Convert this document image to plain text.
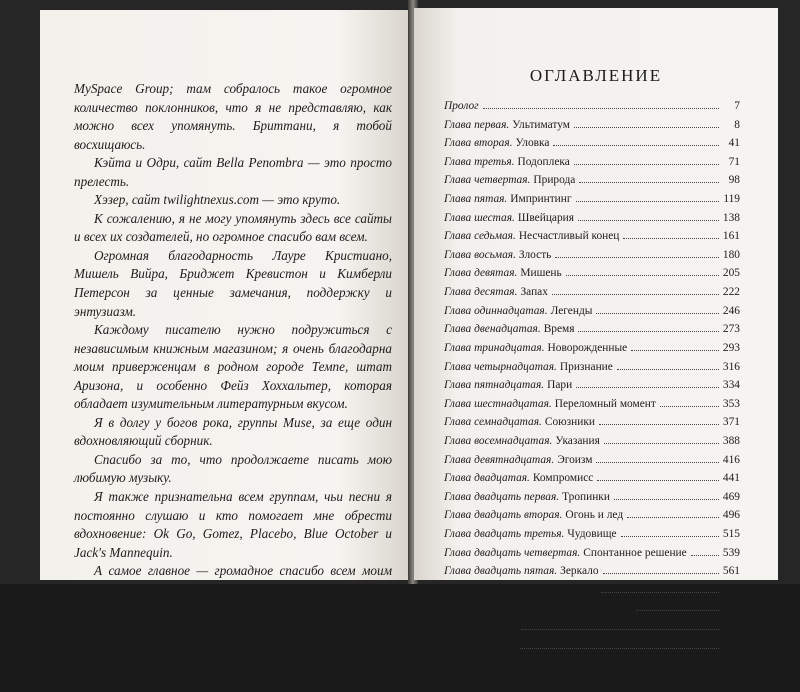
MySpace Group; там собралось такое огромное количество поклонников, что я не представляю, как можно всех упомянуть. Бриттани, я тобой восхищаюсь.

Кэйта и Одри, сайт Bella Penombra — это просто прелесть.

Хэзер, сайт twilightnexus.com — это круто.

К сожалению, я не могу упомянуть здесь все сайты и всех их создателей, но огромное спасибо вам всем.

Огромная благодарность Лауре Кристиано, Мишель Вийра, Бриджет Кревистон и Кимберли Петерсон за ценные замечания, поддержку и энтузиазм.

Каждому писателю нужно подружиться с независимым книжным магазином; я очень благодарна моим приверженцам в родном городе Темпе, штат Аризона, и особенно Фейз Хоххальтер, которая обладает изумительным литературным вкусом.

Я в долгу у богов рока, группы Muse, за еще один вдохновляющий сборник.

Спасибо за то, что продолжаете писать мою любимую музыку.

Я также признательна всем группам, чьи песни я постоянно слушаю и кто помогает мне обрести вдохновение: Ok Go, Gomez, Placebo, Blue October и Jack's Mannequin.

А самое главное — громадное спасибо всем моим поклонникам.

Я твердо уверена, что все вы самые привлекательные, умные, интересные и преданные поклонники во всем мире.

Если бы могла, я хотела бы обнять вас всех и подарить каждому «Порше 911 турбо».

ОГЛАВЛЕНИЕ
Пролог	7
Глава первая. Ультиматум	8
Глава вторая. Уловка	41
Глава третья. Подоплека	71
Глава четвертая. Природа	98
Глава пятая. Импринтинг	119
Глава шестая. Швейцария	138
Глава седьмая. Несчастливый конец	161
Глава восьмая. Злость	180
Глава девятая. Мишень	205
Глава десятая. Запах	222
Глава одиннадцатая. Легенды	246
Глава двенадцатая. Время	273
Глава тринадцатая. Новорожденные	293
Глава четырнадцатая. Признание	316
Глава пятнадцатая. Пари	334
Глава шестнадцатая. Переломный момент	353
Глава семнадцатая. Союзники	371
Глава восемнадцатая. Указания	388
Глава девятнадцатая. Эгоизм	416
Глава двадцатая. Компромисс	441
Глава двадцать первая. Тропинки	469
Глава двадцать вторая. Огонь и лед	496
Глава двадцать третья. Чудовище	515
Глава двадцать четвертая. Спонтанное решение	539
Глава двадцать пятая. Зеркало	561
Глава двадцать шестая. Этика	585
Глава двадцать седьмая. Потребности	611
Эпилог. Выбор	627
Благодарности	636
